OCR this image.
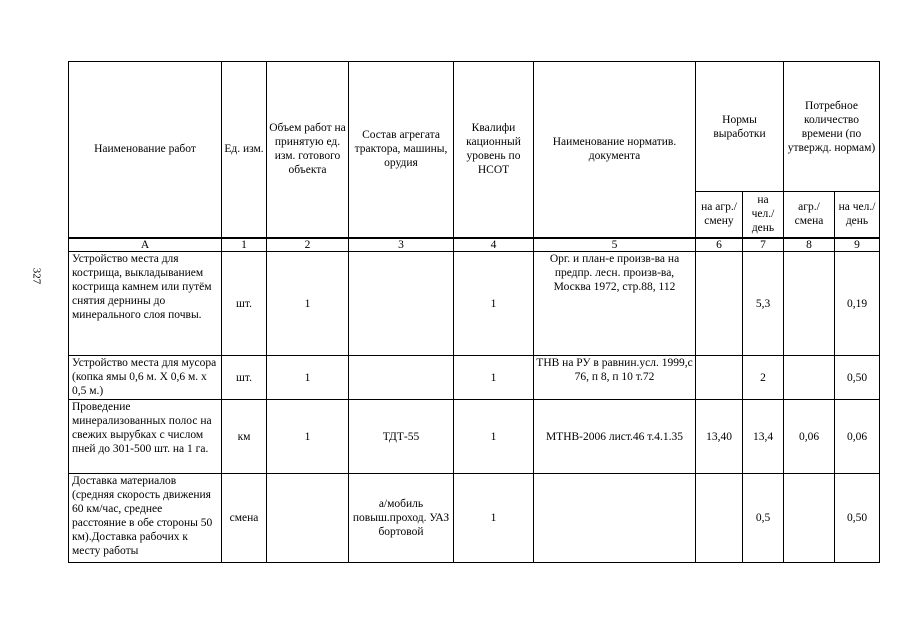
327
Наименование работ	Ед. изм.	Объем работ на принятую ед. изм. готового объекта	Состав агрегата трактора, машины, орудия	Квалифи кационный уровень по НСОТ	Наименование норматив. документа	Нормы выработки		Потребное количество времени (по утвержд. нормам)	
						на агр./ смену	на чел./ день	агр./ смена	на чел./ день
А	1	2	3	4	5	6	7	8	9
Устройство места для кострища, выкладыванием кострища камнем или путём снятия дернины до минерального слоя почвы.	шт.	1		1	Орг. и план-е произв-ва на предпр. лесн. произв-ва, Москва 1972, стр.88, 112		5,3		0,19
Устройство места для мусора (копка ямы 0,6 м. X 0,6 м. х 0,5 м.)	шт.	1		1	ТНВ на РУ в равнин.усл. 1999,с 76, п 8, п 10 т.72		2		0,50
Проведение минерализованных полос на свежих вырубках с числом пней до 301-500 шт. на 1 га.	км	1	ТДТ-55	1	МТНВ-2006 лист.46 т.4.1.35	13,40	13,4	0,06	0,06
Доставка материалов (средняя скорость движения 60 км/час, среднее расстояние в обе стороны 50 км).Доставка рабочих к месту работы	смена		а/мобиль повыш.проход. УАЗ бортовой	1			0,5		0,50
